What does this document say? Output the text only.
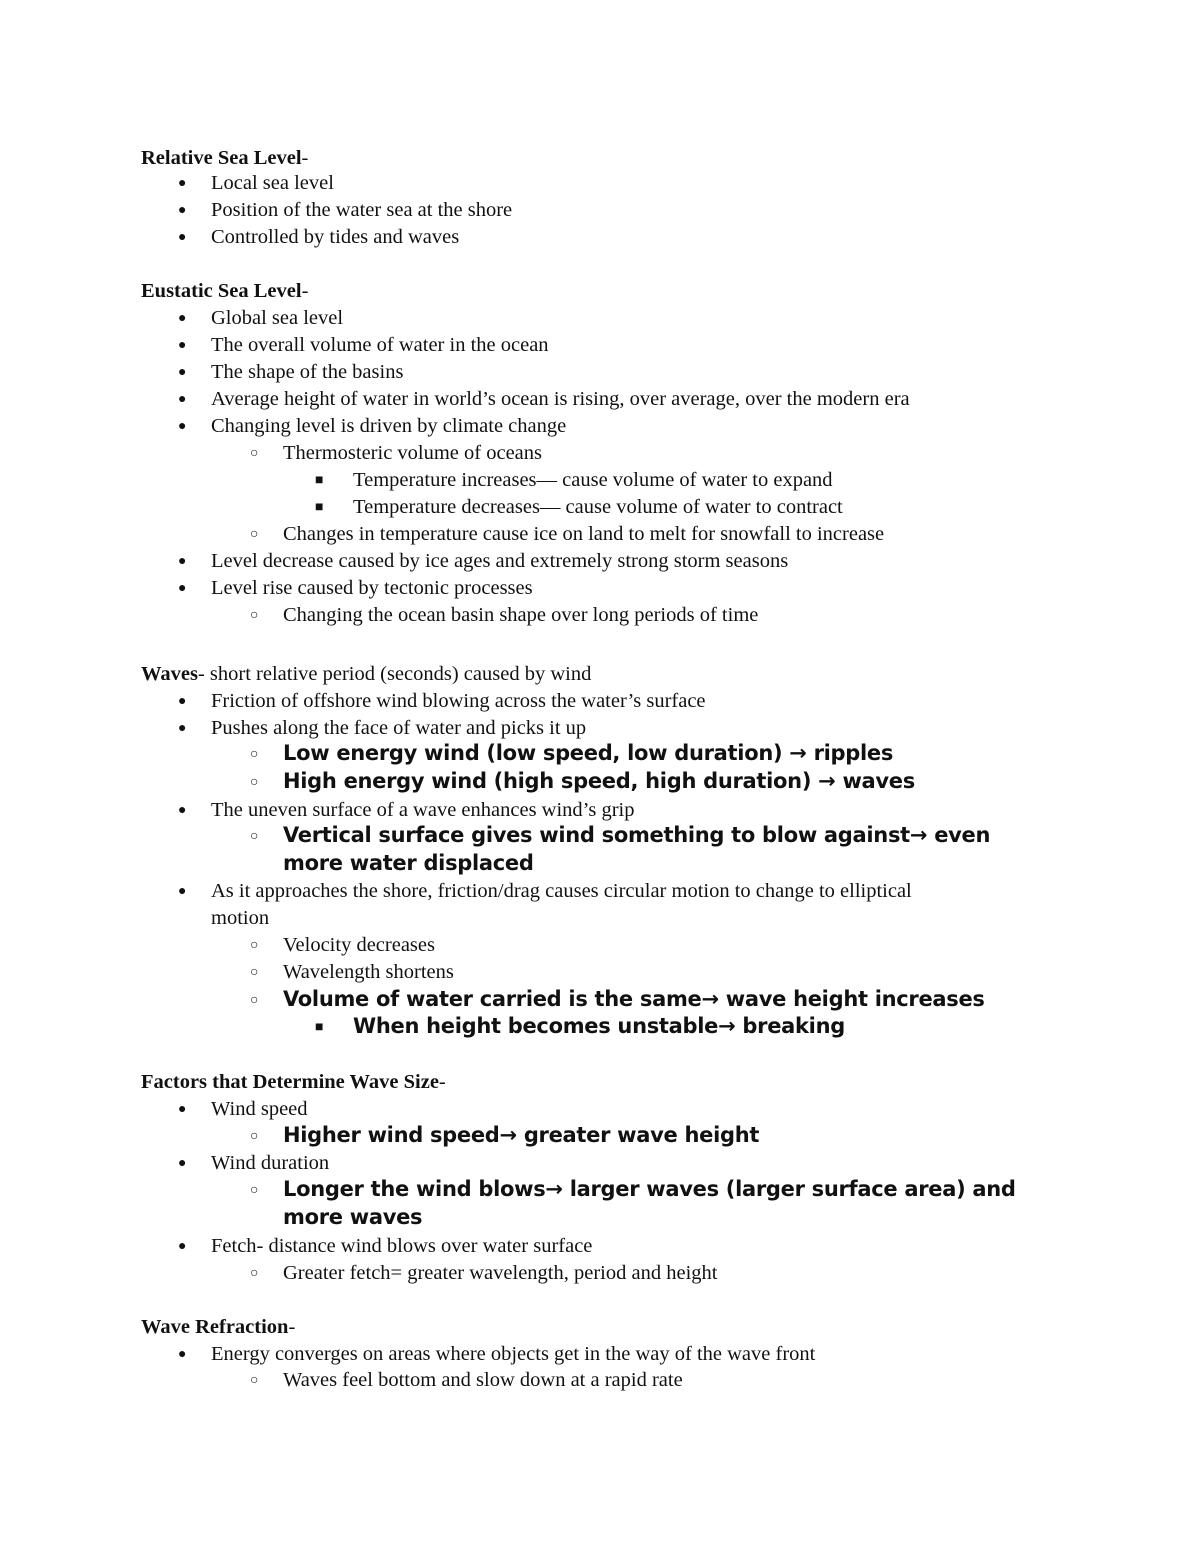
Relative Sea Level-
● Local sea level
● Position of the water sea at the shore
● Controlled by tides and waves
Eustatic Sea Level-
● Global sea level
● The overall volume of water in the ocean
● The shape of the basins
● Average height of water in world’s ocean is rising, over average, over the modern era
● Changing level is driven by climate change
○ Thermosteric volume of oceans
■ Temperature increases— cause volume of water to expand
■ Temperature decreases— cause volume of water to contract
○ Changes in temperature cause ice on land to melt for snowfall to increase
● Level decrease caused by ice ages and extremely strong storm seasons
● Level rise caused by tectonic processes
○ Changing the ocean basin shape over long periods of time
Waves- short relative period (seconds) caused by wind
● Friction of offshore wind blowing across the water’s surface
● Pushes along the face of water and picks it up
○ Low energy wind (low speed, low duration) → ripples
○ High energy wind (high speed, high duration) → waves
● The uneven surface of a wave enhances wind’s grip
○ Vertical surface gives wind something to blow against→ even
more water displaced
● As it approaches the shore, friction/drag causes circular motion to change to elliptical
motion
○ Velocity decreases
○ Wavelength shortens
○ Volume of water carried is the same→ wave height increases
■ When height becomes unstable→ breaking
Factors that Determine Wave Size-
● Wind speed
○ Higher wind speed→ greater wave height
● Wind duration
○ Longer the wind blows→ larger waves (larger surface area) and
more waves
● Fetch- distance wind blows over water surface
○ Greater fetch= greater wavelength, period and height
Wave Refraction-
● Energy converges on areas where objects get in the way of the wave front
○ Waves feel bottom and slow down at a rapid rate
